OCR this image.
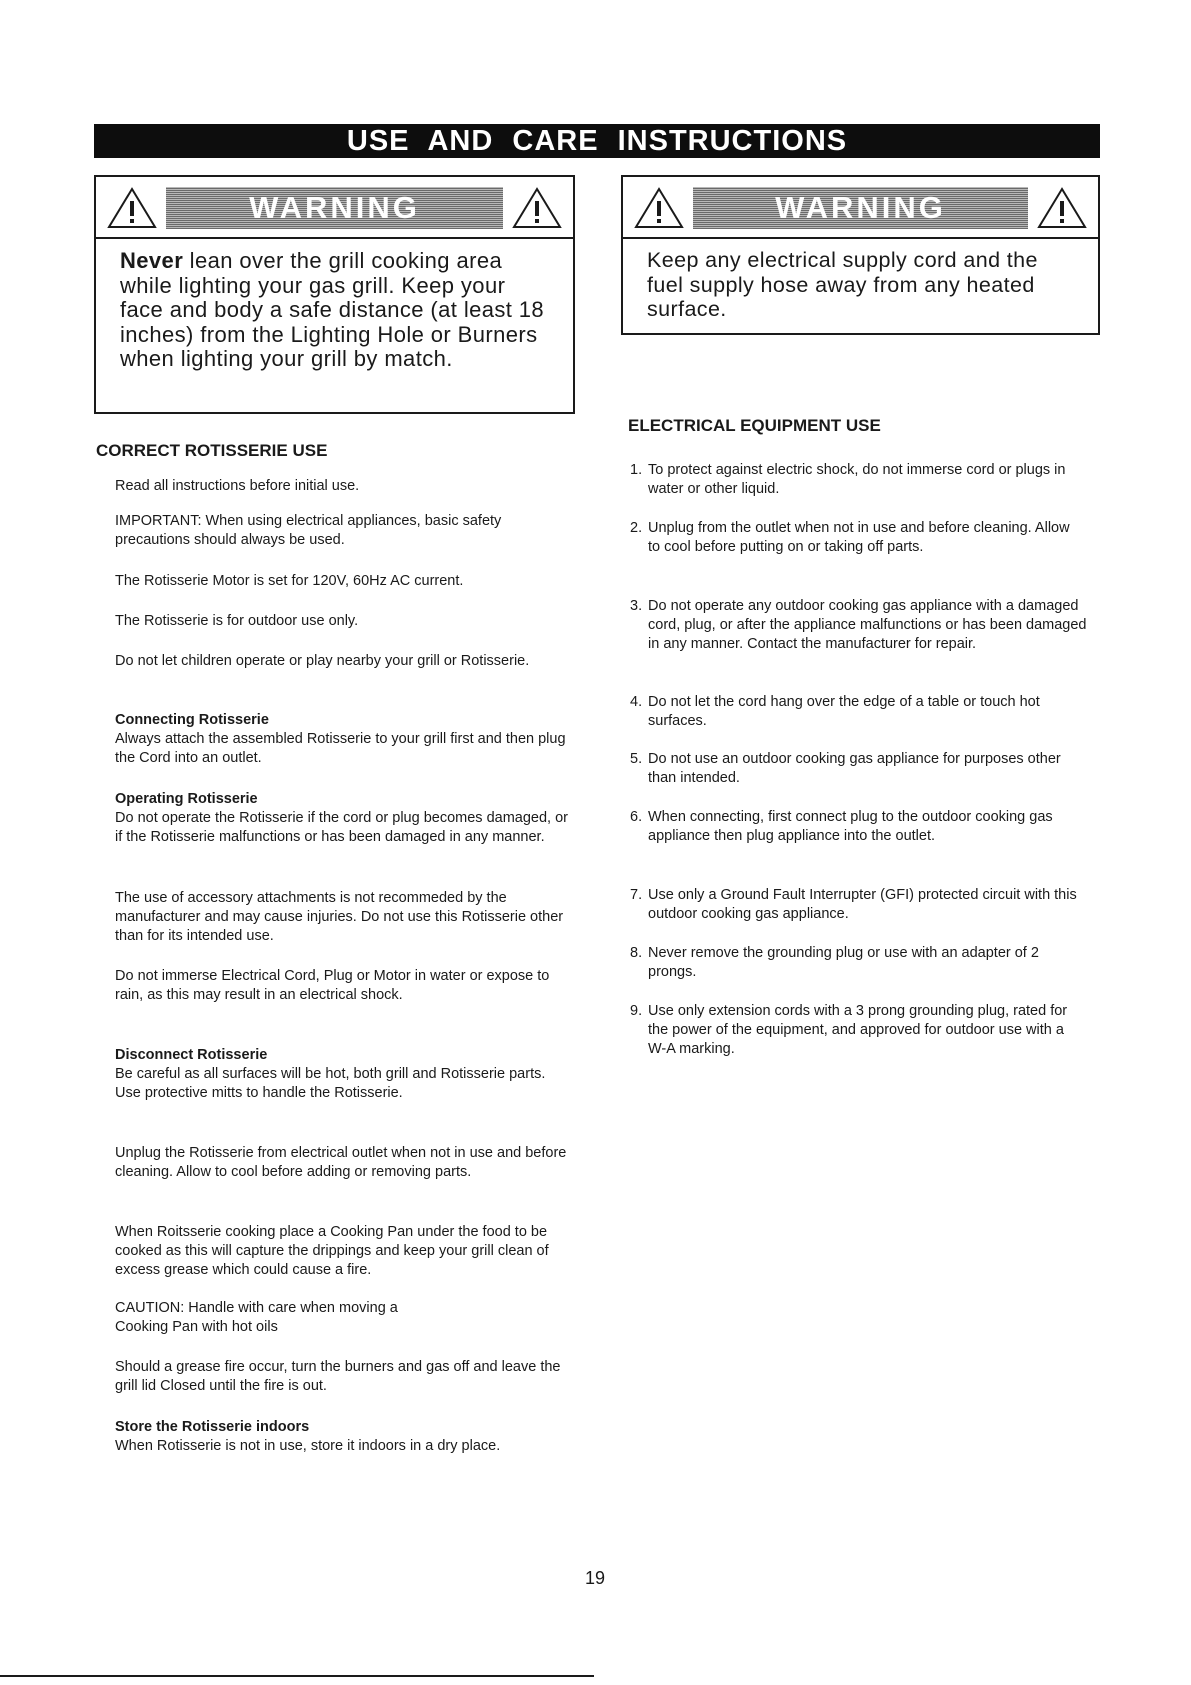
USE AND CARE INSTRUCTIONS
WARNING
Never lean over the grill cooking area while lighting your gas grill. Keep your face and body a safe distance (at least 18 inches) from the Lighting Hole or Burners when lighting your grill by match.
WARNING
Keep any electrical supply cord and the fuel supply hose away from any heated surface.
CORRECT ROTISSERIE USE

Read all instructions before initial use.

IMPORTANT: When using electrical appliances, basic safety precautions should always be used.

The Rotisserie Motor is set for 120V, 60Hz AC current.

The Rotisserie is for outdoor use only.

Do not let children operate or play nearby your grill or Rotisserie.

Connecting Rotisserie
Always attach the assembled Rotisserie to your grill first and then plug the Cord into an outlet.
Operating Rotisserie
Do not operate the Rotisserie if the cord or plug becomes damaged, or if the Rotisserie malfunctions or has been damaged in any manner.

The use of accessory attachments is not recommeded by the manufacturer and may cause injuries. Do not use this Rotisserie other than for its intended use.

Do not immerse Electrical Cord, Plug or Motor in water or expose to rain, as this may result in an electrical shock.

Disconnect Rotisserie
Be careful as all surfaces will be hot, both grill and Rotisserie parts. Use protective mitts to handle the Rotisserie.

Unplug the Rotisserie from electrical outlet when not in use and before cleaning. Allow to cool before adding or removing parts.

When Roitsserie cooking place a Cooking Pan under the food to be cooked as this will capture the drippings and keep your grill clean of excess grease which could cause a fire.

CAUTION: Handle with care when moving a Cooking Pan with hot oils

Should a grease fire occur, turn the burners and gas off and leave the grill lid Closed until the fire is out.

Store the Rotisserie indoors
When Rotisserie is not in use, store it indoors in a dry place.
ELECTRICAL EQUIPMENT USE
1. To protect against electric shock, do not immerse cord or plugs in water or other liquid.
2. Unplug from the outlet when not in use and before cleaning. Allow to cool before putting on or taking off parts.
3. Do not operate any outdoor cooking gas appliance with a damaged cord, plug, or after the appliance malfunctions or has been damaged in any manner. Contact the manufacturer for repair.
4. Do not let the cord hang over the edge of a table or touch hot surfaces.
5. Do not use an outdoor cooking gas appliance for purposes other than intended.
6. When connecting, first connect plug to the outdoor cooking gas appliance then plug appliance into the outlet.
7. Use only a Ground Fault Interrupter (GFI) protected circuit with this outdoor cooking gas appliance.
8. Never remove the grounding plug or use with an adapter of 2 prongs.
9. Use only extension cords with a 3 prong grounding plug, rated for the power of the equipment, and approved for outdoor use with a W-A marking.
19
